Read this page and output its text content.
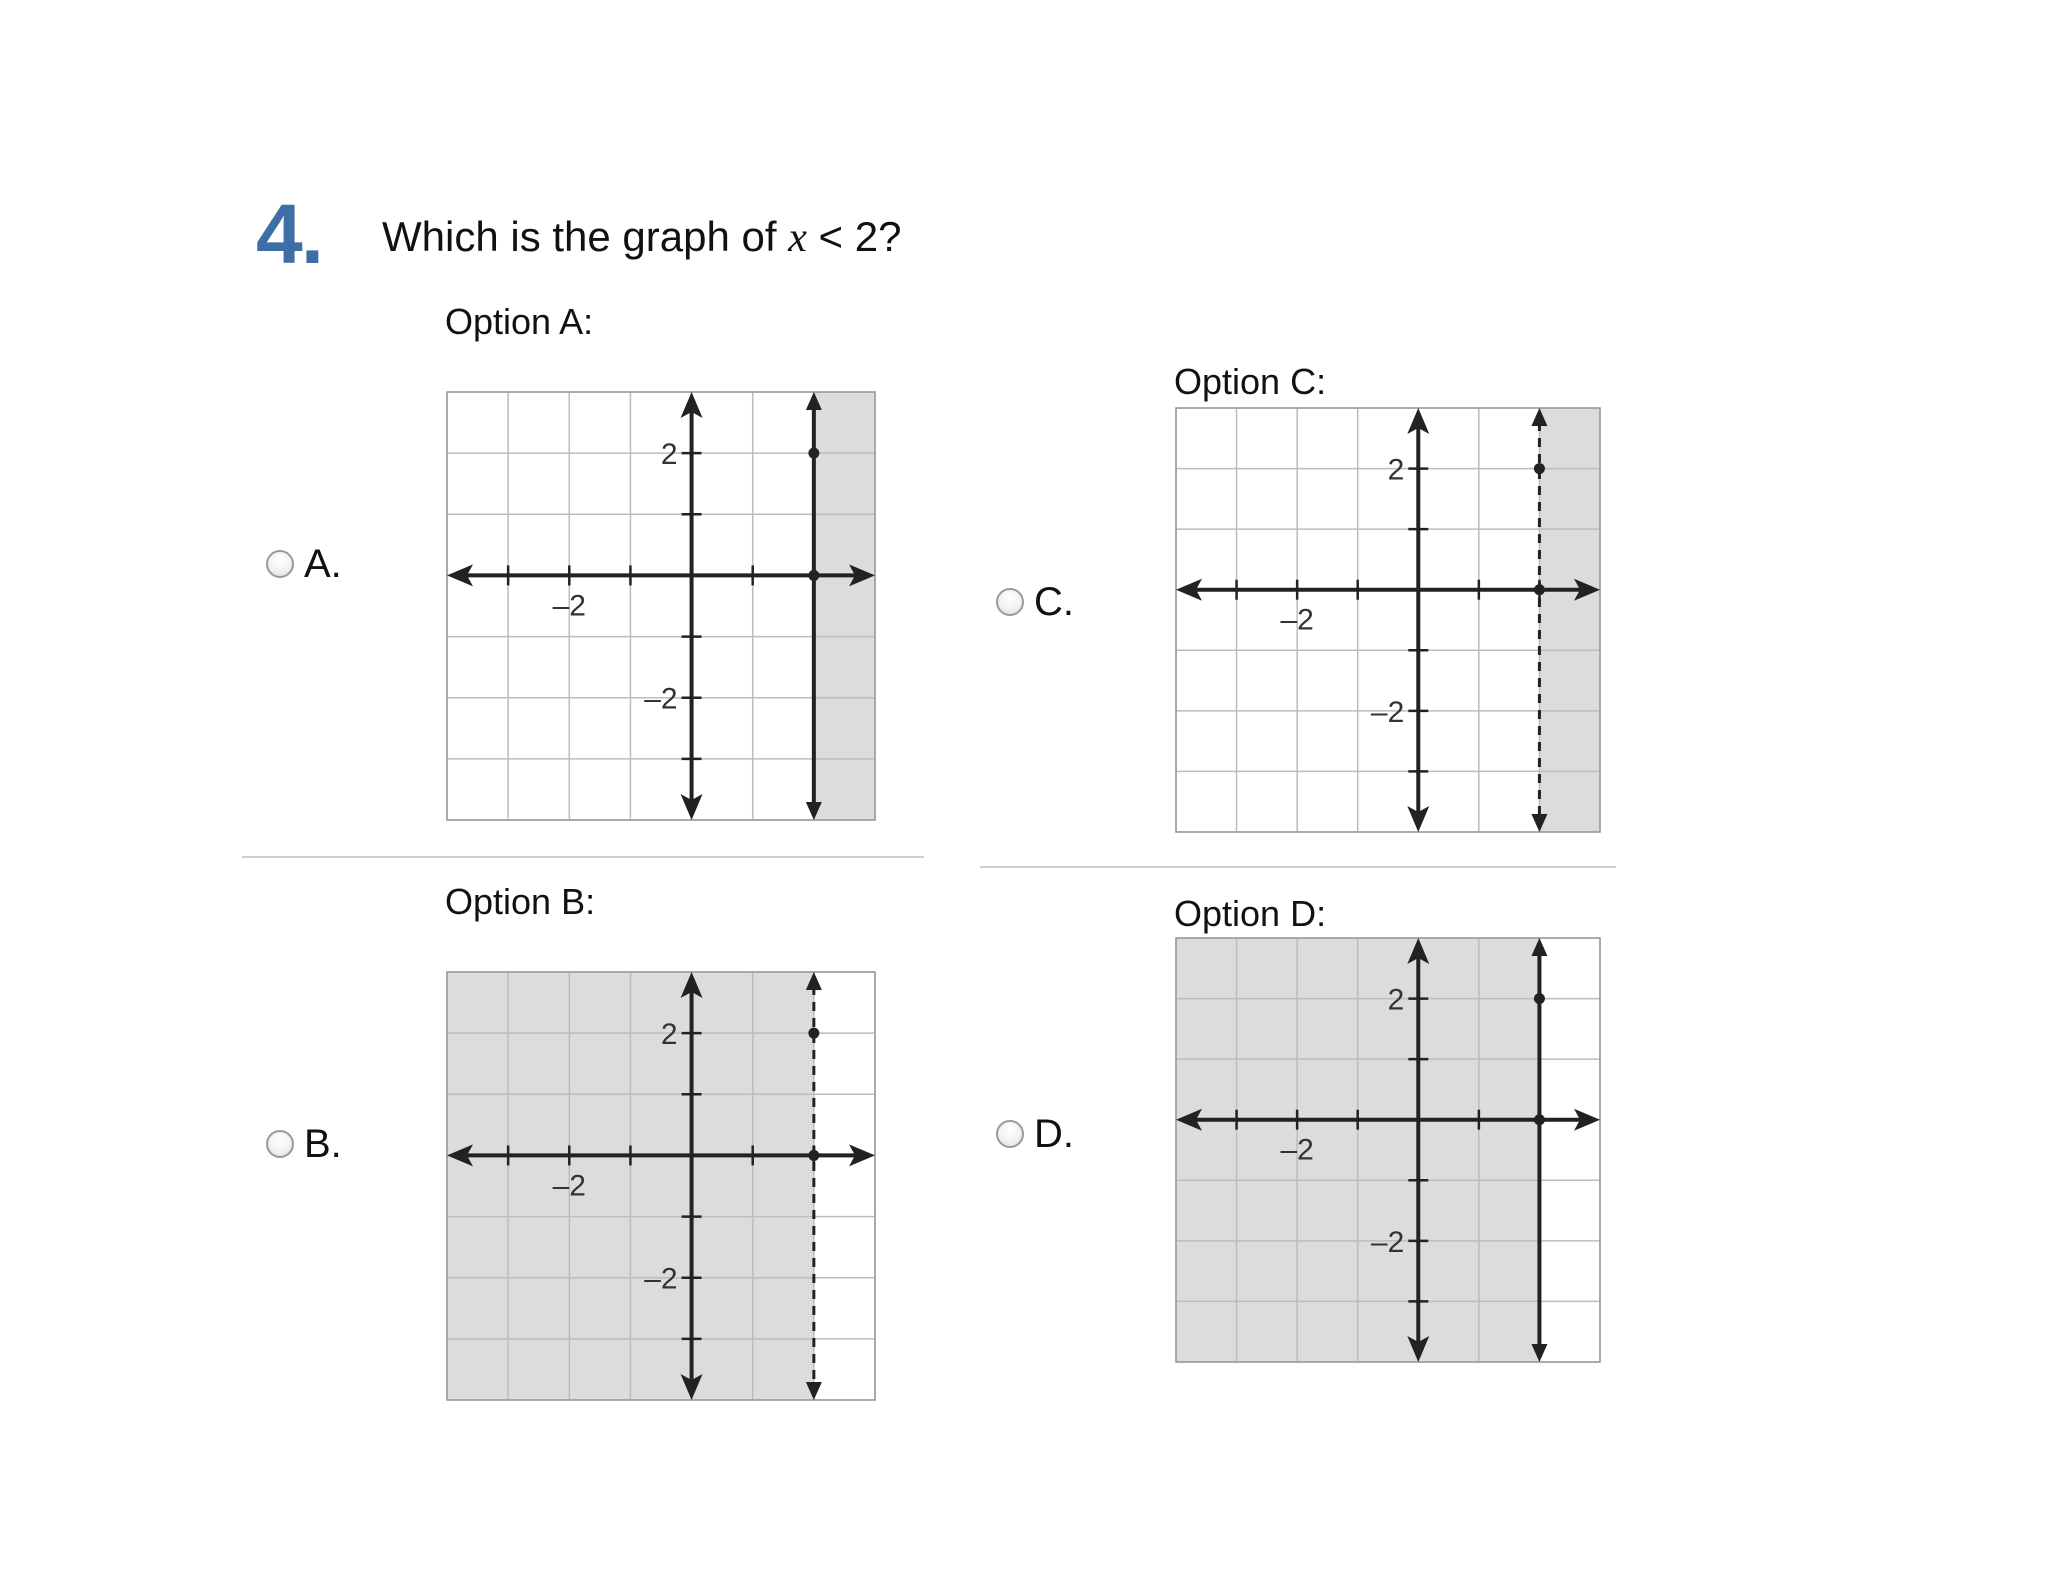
4. Which is the graph of x < 2?
Option A:
A.
–2
2
–2
Option B:
B.
–2
2
–2
Option C:
C.	–2
2
–2
Option D:
D.	–2
2
–2
